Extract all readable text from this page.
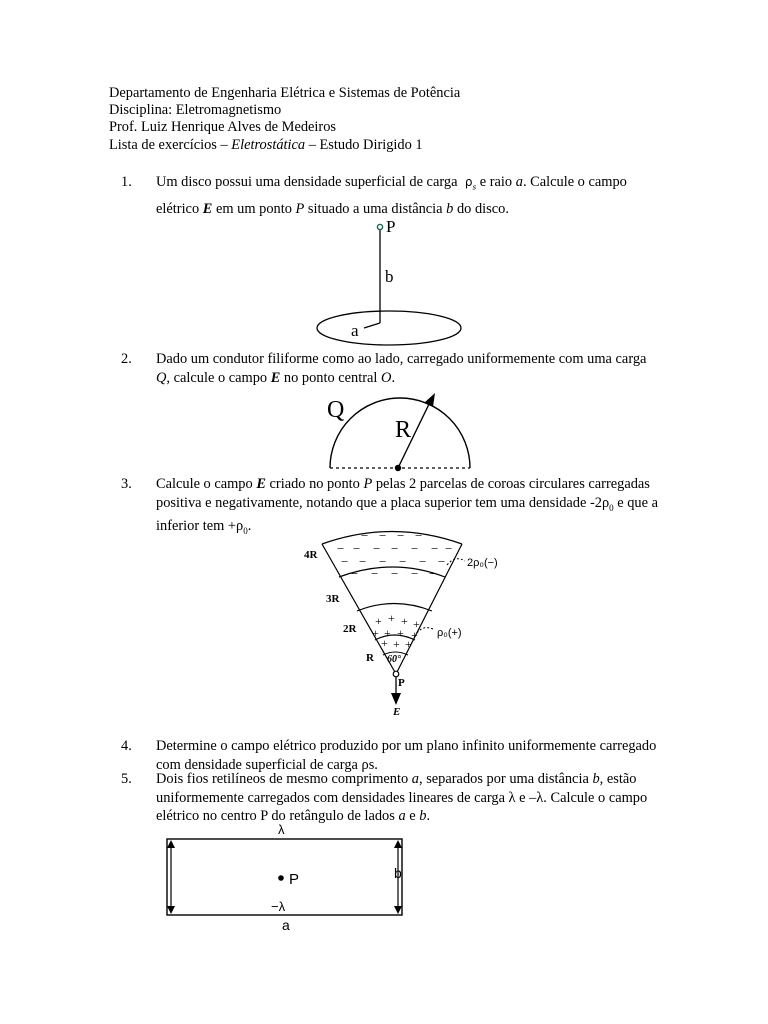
Departamento de Engenharia Elétrica e Sistemas de Potência
Disciplina: Eletromagnetismo
Prof. Luiz Henrique Alves de Medeiros
Lista de exercícios – Eletrostática – Estudo Dirigido 1
1. Um disco possui uma densidade superficial de carga  $\rho_s$ e raio a. Calcule o campo elétrico E em um ponto P situado a uma distância b do disco.
P
b
a
2. Dado um condutor filiforme como ao lado, carregado uniformemente com uma carga Q, calcule o campo E no ponto central O.
Q
R
3. Calcule o campo E criado no ponto P pelas 2 parcelas de coroas circulares carregadas positiva e negativamente, notando que a placa superior tem uma densidade $-2\rho_0$ e que a inferior tem $+\rho_0$.
− − − −
− − − − − − −
− − − − − −
− − − − −
+ + + +
+ + + +
+ + +
4R
3R
2R
R 60°
2ρ₀(−)
ρ₀(+)
P
E
4. Determine o campo elétrico produzido por um plano infinito uniformemente carregado com densidade superficial de carga ρs.
5. Dois fios retilíneos de mesmo comprimento a, separados por uma distância b, estão uniformemente carregados com densidades lineares de carga λ e –λ. Calcule o campo elétrico no centro P do retângulo de lados a e b.
P
λ
−λ
b
a
